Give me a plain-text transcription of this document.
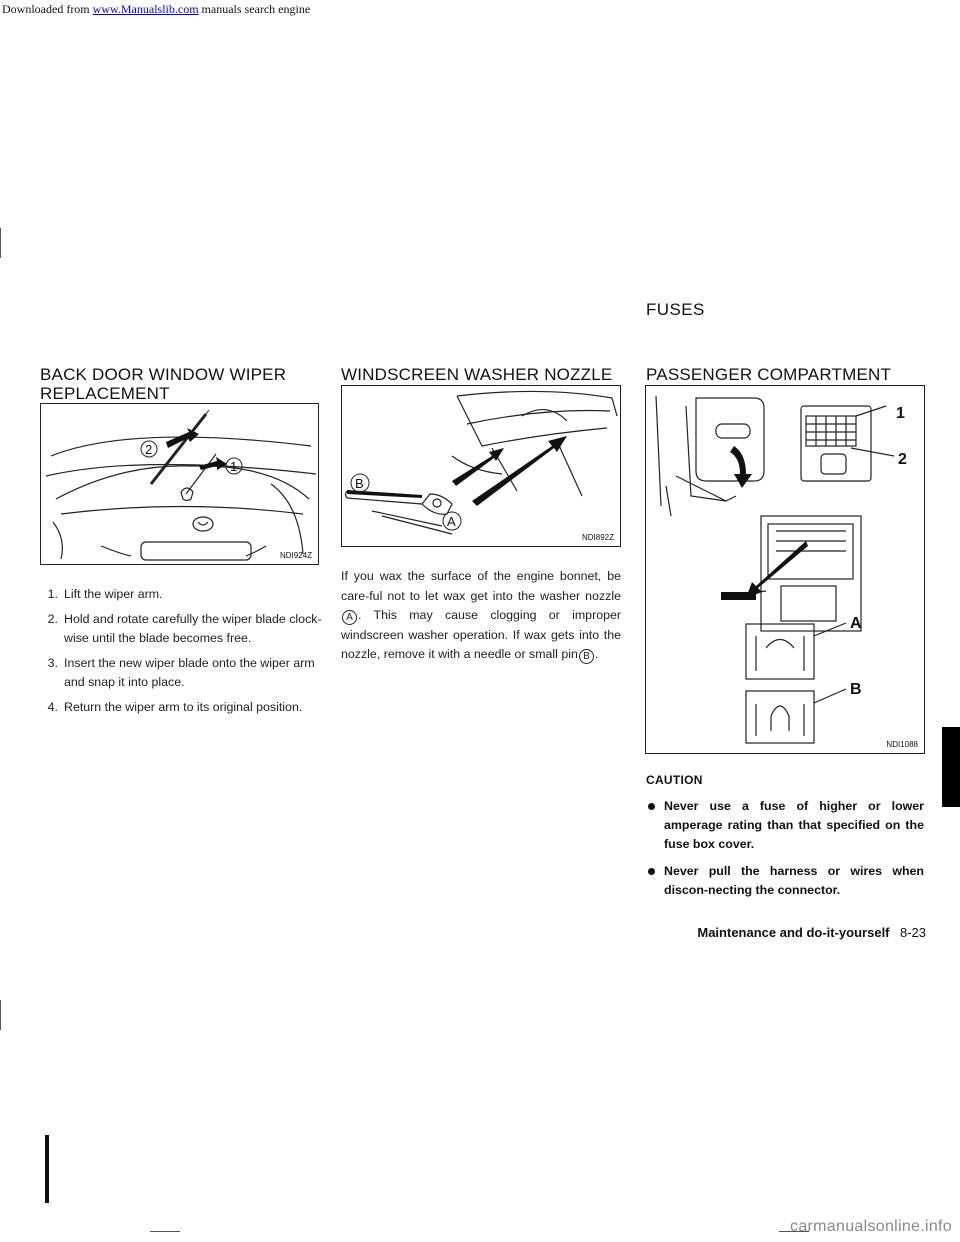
Downloaded from www.Manualslib.com manuals search engine
FUSES
BACK DOOR WINDOW WIPER
REPLACEMENT
2
1
NDI924Z
1. Lift the wiper arm.
2. Hold and rotate carefully the wiper blade clock-wise until the blade becomes free.
3. Insert the new wiper blade onto the wiper arm and snap it into place.
4. Return the wiper arm to its original position.
WINDSCREEN WASHER NOZZLE
B
A
NDI892Z
If you wax the surface of the engine bonnet, be care-ful not to let wax get into the washer nozzleA . This may cause clogging or improper windscreen washer operation. If wax gets into the nozzle, remove it with a needle or small pin B .
PASSENGER COMPARTMENT
1
2
A
B
NDI1088
CAUTION
Never use a fuse of higher or lower amperage rating than that specified on the fuse box cover.
Never pull the harness or wires when discon-necting the connector.
Maintenance and do-it-yourself 8-23
carmanualsonline.info
